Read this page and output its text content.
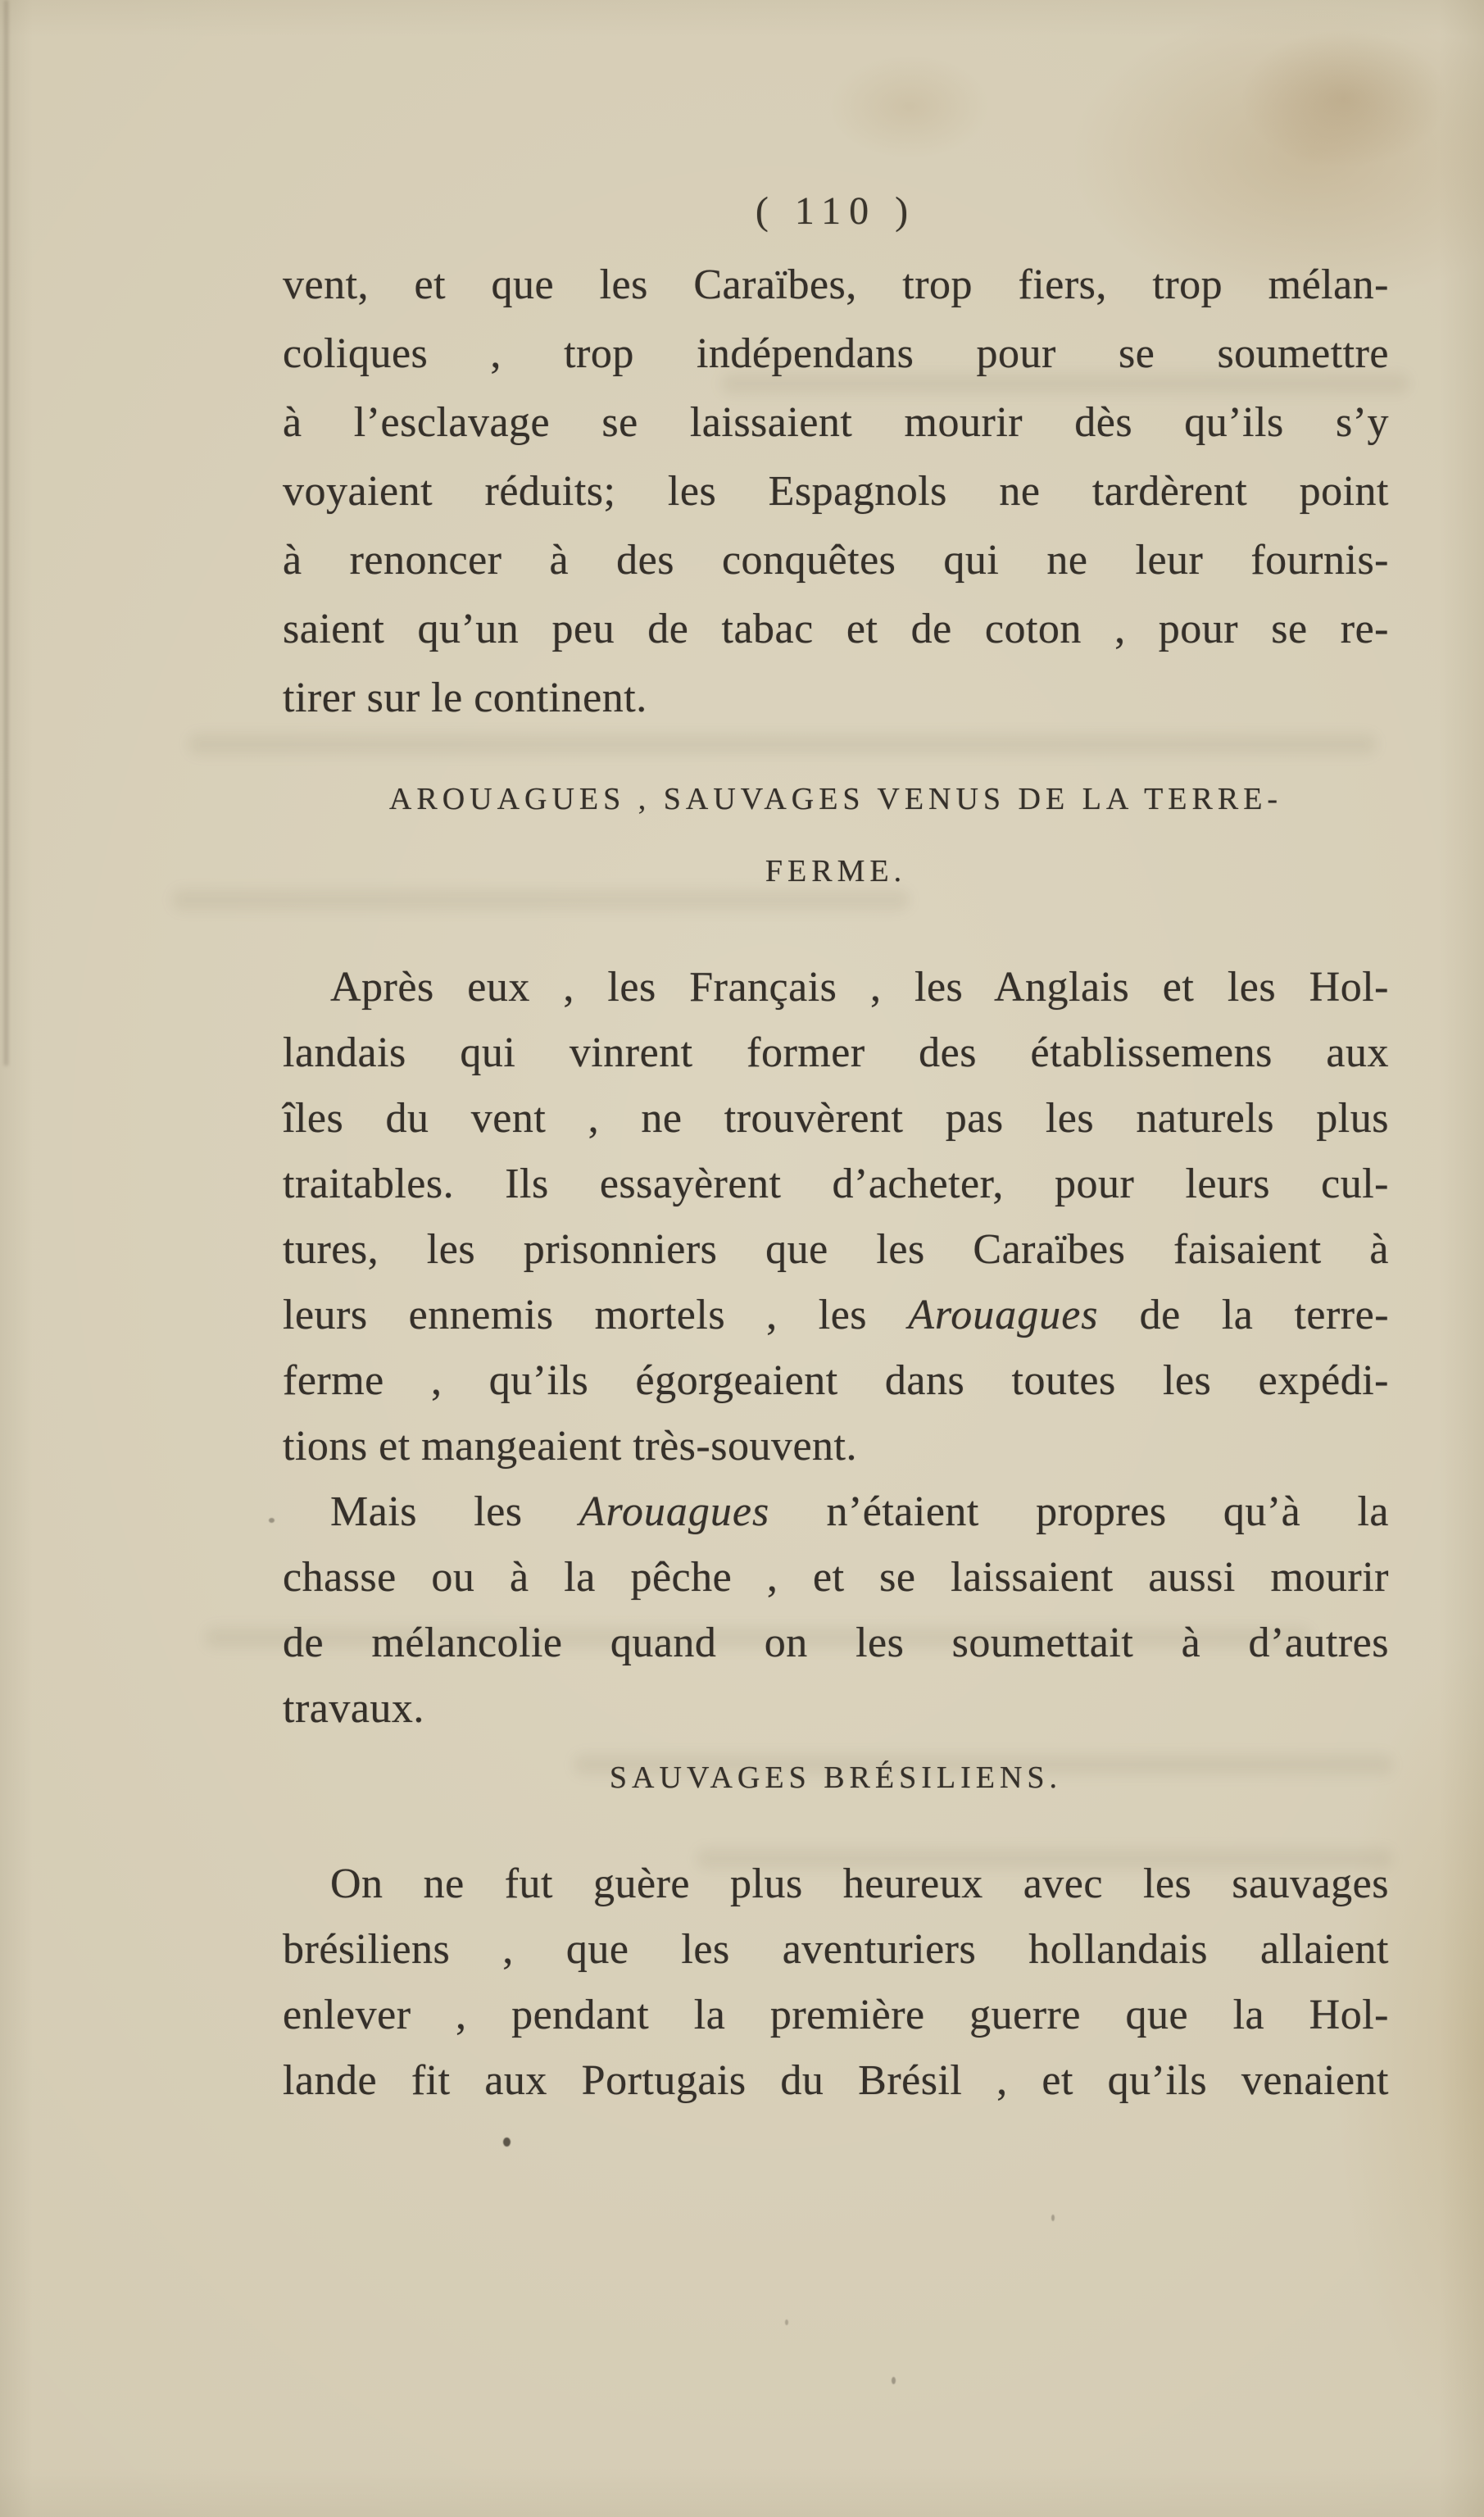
( 110 )
vent, et que les Caraïbes, trop fiers, trop mélan-
coliques , trop indépendans pour se soumettre
à l’esclavage se laissaient mourir dès qu’ils s’y
voyaient réduits; les Espagnols ne tardèrent point
à renoncer à des conquêtes qui ne leur fournis-
saient qu’un peu de tabac et de coton , pour se re-
tirer sur le continent.
AROUAGUES , SAUVAGES VENUS DE LA TERRE-
FERME.
Après eux , les Français , les Anglais et les Hol-
landais qui vinrent former des établissemens aux
îles du vent , ne trouvèrent pas les naturels plus
traitables. Ils essayèrent d’acheter, pour leurs cul-
tures, les prisonniers que les Caraïbes faisaient à
leurs ennemis mortels , les Arouagues de la terre-
ferme , qu’ils égorgeaient dans toutes les expédi-
tions et mangeaient très-souvent.
Mais les Arouagues n’étaient propres qu’à la
chasse ou à la pêche , et se laissaient aussi mourir
de mélancolie quand on les soumettait à d’autres
travaux.
SAUVAGES BRÉSILIENS.
On ne fut guère plus heureux avec les sauvages
brésiliens , que les aventuriers hollandais allaient
enlever , pendant la première guerre que la Hol-
lande fit aux Portugais du Brésil , et qu’ils venaient
